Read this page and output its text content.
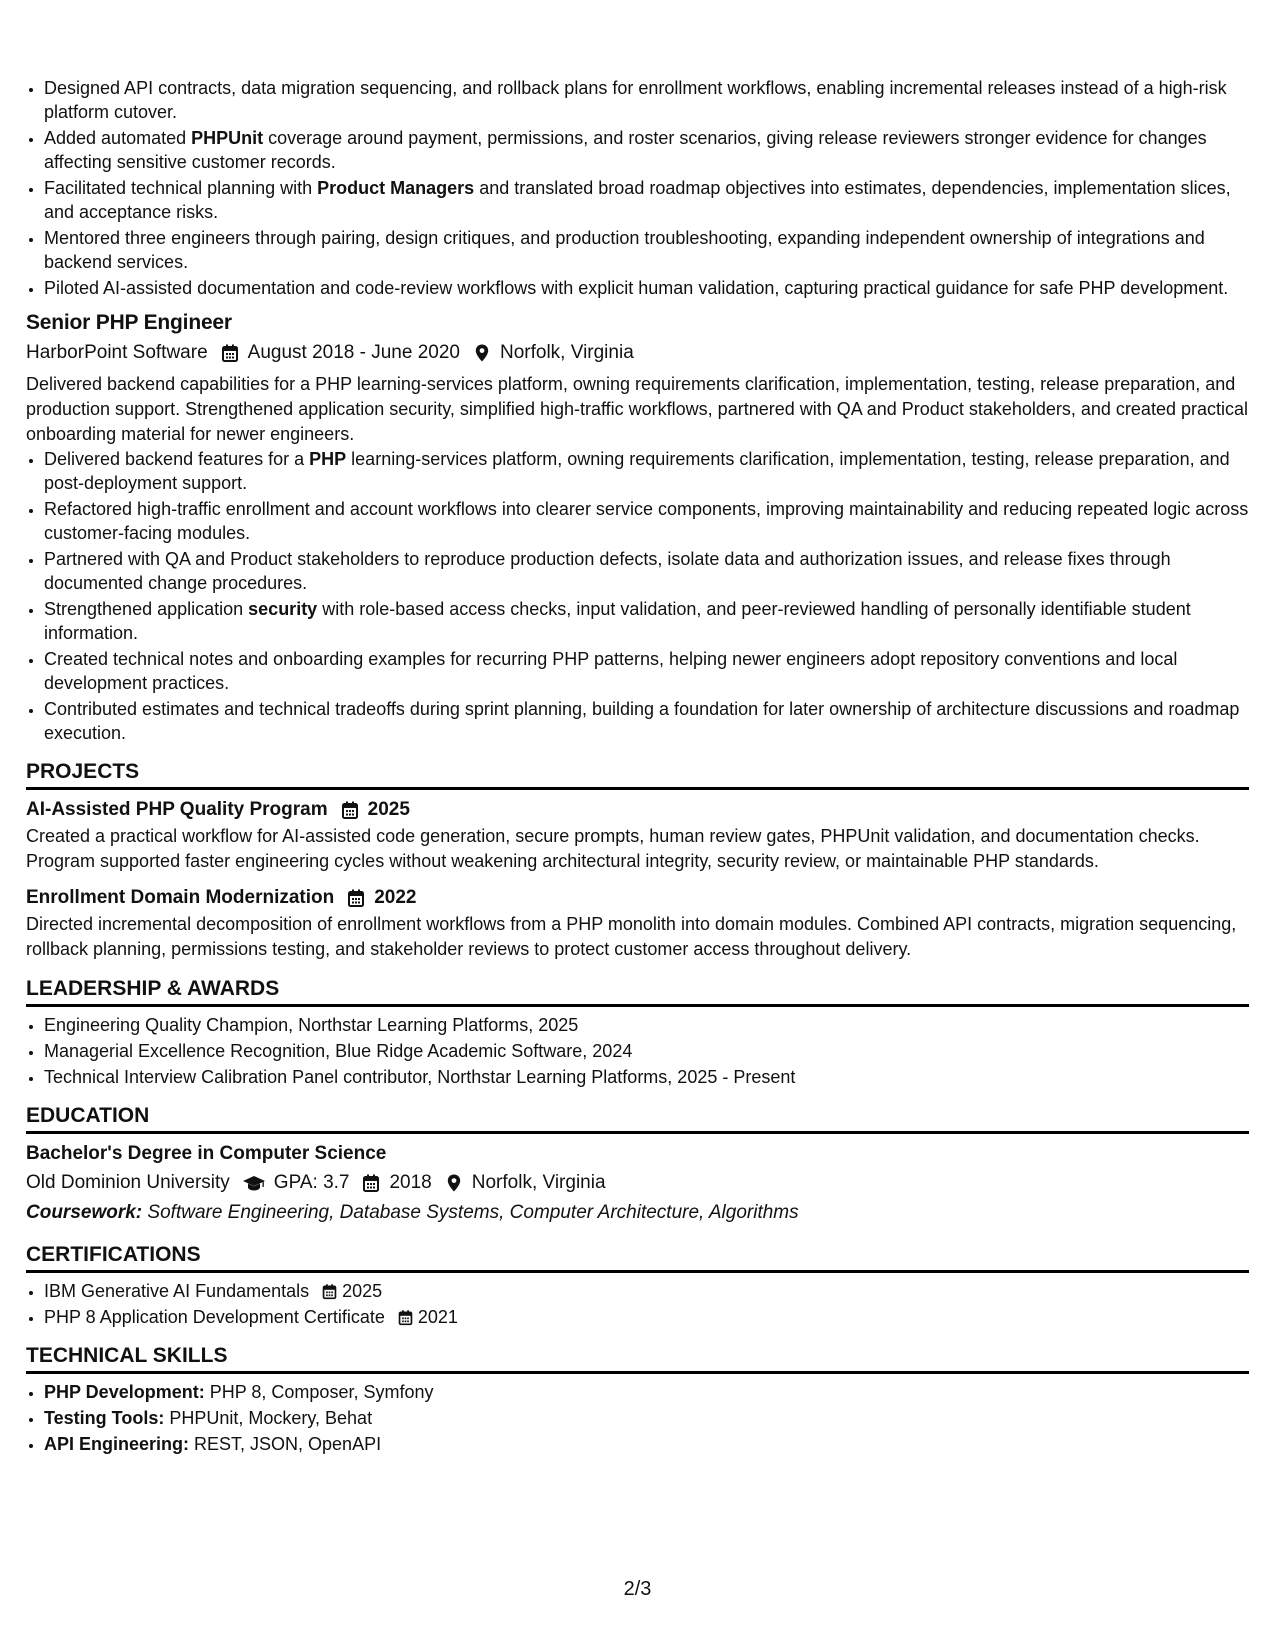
• Designed API contracts, data migration sequencing, and rollback plans for enrollment workflows, enabling incremental releases instead of a high-risk platform cutover.
• Added automated PHPUnit coverage around payment, permissions, and roster scenarios, giving release reviewers stronger evidence for changes affecting sensitive customer records.
• Facilitated technical planning with Product Managers and translated broad roadmap objectives into estimates, dependencies, implementation slices, and acceptance risks.
• Mentored three engineers through pairing, design critiques, and production troubleshooting, expanding independent ownership of integrations and backend services.
• Piloted AI-assisted documentation and code-review workflows with explicit human validation, capturing practical guidance for safe PHP development.
Senior PHP Engineer
HarborPoint Software August 2018 - June 2020 Norfolk, Virginia
Delivered backend capabilities for a PHP learning-services platform, owning requirements clarification, implementation, testing, release preparation, and production support. Strengthened application security, simplified high-traffic workflows, partnered with QA and Product stakeholders, and created practical onboarding material for newer engineers.
• Delivered backend features for a PHP learning-services platform, owning requirements clarification, implementation, testing, release preparation, and post-deployment support.
• Refactored high-traffic enrollment and account workflows into clearer service components, improving maintainability and reducing repeated logic across customer-facing modules.
• Partnered with QA and Product stakeholders to reproduce production defects, isolate data and authorization issues, and release fixes through documented change procedures.
• Strengthened application security with role-based access checks, input validation, and peer-reviewed handling of personally identifiable student information.
• Created technical notes and onboarding examples for recurring PHP patterns, helping newer engineers adopt repository conventions and local development practices.
• Contributed estimates and technical tradeoffs during sprint planning, building a foundation for later ownership of architecture discussions and roadmap execution.
PROJECTS
AI-Assisted PHP Quality Program 2025
Created a practical workflow for AI-assisted code generation, secure prompts, human review gates, PHPUnit validation, and documentation checks. Program supported faster engineering cycles without weakening architectural integrity, security review, or maintainable PHP standards.
Enrollment Domain Modernization 2022
Directed incremental decomposition of enrollment workflows from a PHP monolith into domain modules. Combined API contracts, migration sequencing, rollback planning, permissions testing, and stakeholder reviews to protect customer access throughout delivery.
LEADERSHIP & AWARDS
• Engineering Quality Champion, Northstar Learning Platforms, 2025
• Managerial Excellence Recognition, Blue Ridge Academic Software, 2024
• Technical Interview Calibration Panel contributor, Northstar Learning Platforms, 2025 - Present
EDUCATION
Bachelor's Degree in Computer Science
Old Dominion University GPA: 3.7 2018 Norfolk, Virginia
Coursework: Software Engineering, Database Systems, Computer Architecture, Algorithms
CERTIFICATIONS
• IBM Generative AI Fundamentals 2025
• PHP 8 Application Development Certificate 2021
TECHNICAL SKILLS
• PHP Development: PHP 8, Composer, Symfony
• Testing Tools: PHPUnit, Mockery, Behat
• API Engineering: REST, JSON, OpenAPI
2/3
